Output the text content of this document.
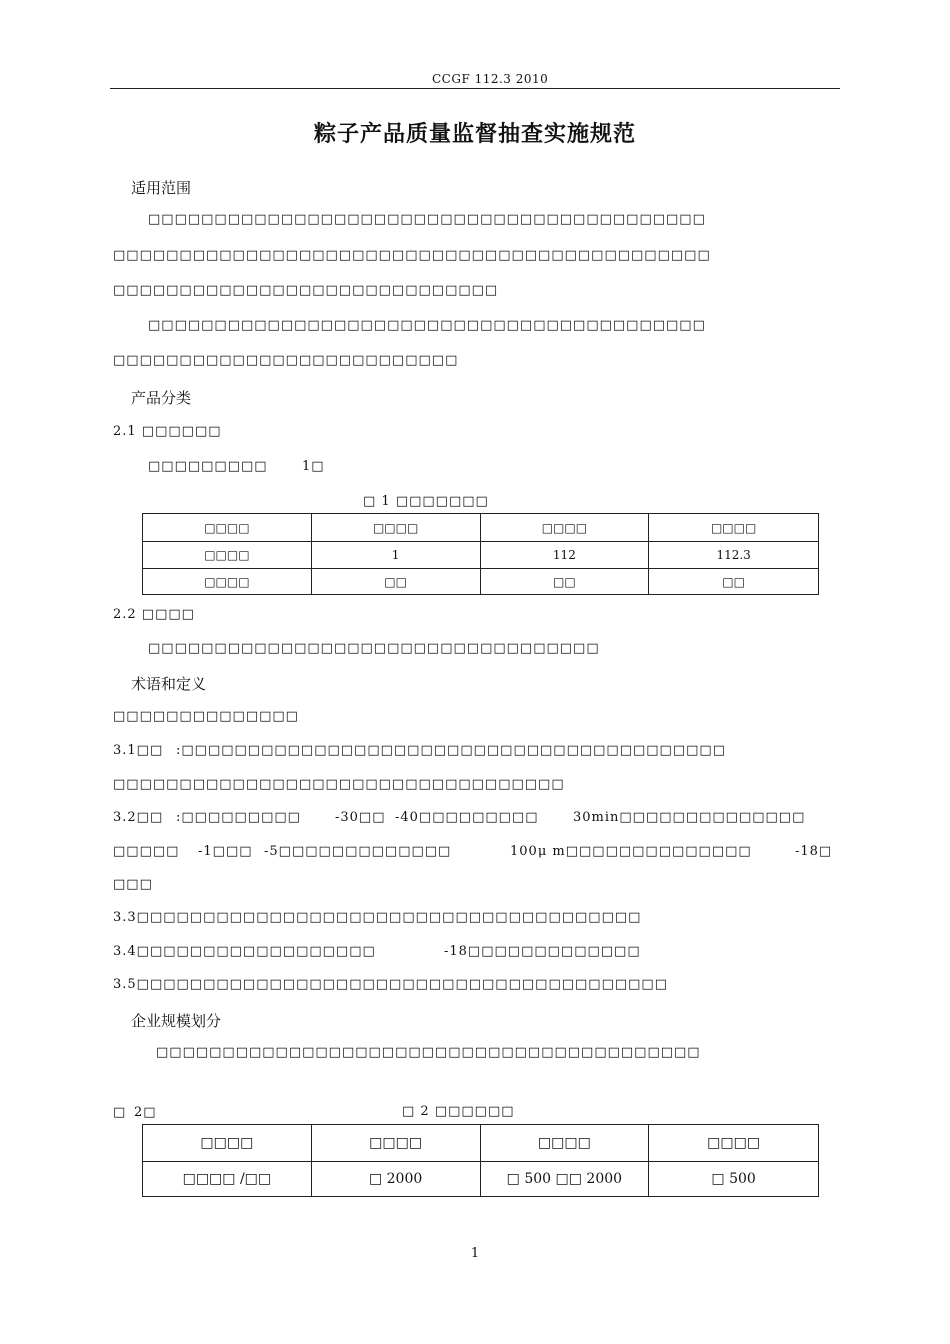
CCGF 112.3 2010
粽子产品质量监督抽查实施规范
适用范围
□□□□□□□□□□□□□□□□□□□□□□□□□□□□□□□□□□□□□□□□□□
□□□□□□□□□□□□□□□□□□□□□□□□□□□□□□□□□□□□□□□□□□□□□
□□□□□□□□□□□□□□□□□□□□□□□□□□□□□
□□□□□□□□□□□□□□□□□□□□□□□□□□□□□□□□□□□□□□□□□□
□□□□□□□□□□□□□□□□□□□□□□□□□□
产品分类
2.1 □□□□□□
□□□□□□□□□	1□
□ 1 □□□□□□□
□□□□	□□□□	□□□□	□□□□
□□□□	1	112	112.3
□□□□	□□	□□	□□
2.2 □□□□
□□□□□□□□□□□□□□□□□□□□□□□□□□□□□□□□□□
术语和定义
□□□□□□□□□□□□□□
3.1□□ :□□□□□□□□□□□□□□□□□□□□□□□□□□□□□□□□□□□□□□□□□
□□□□□□□□□□□□□□□□□□□□□□□□□□□□□□□□□□
3.2□□ :□□□□□□□□□	-30□□ -40□□□□□□□□□	30min□□□□□□□□□□□□□□
□□□□□ -1□□□ -5□□□□□□□□□□□□□	100μ m□□□□□□□□□□□□□□	-18□
□□□
3.3□□□□□□□□□□□□□□□□□□□□□□□□□□□□□□□□□□□□□□
3.4□□□□□□□□□□□□□□□□□□	-18□□□□□□□□□□□□□
3.5□□□□□□□□□□□□□□□□□□□□□□□□□□□□□□□□□□□□□□□□
企业规模划分
□□□□□□□□□□□□□□□□□□□□□□□□□□□□□□□□□□□□□□□□□
□ 2□	□ 2 □□□□□□
□□□□	□□□□	□□□□	□□□□
□□□□ /□□	□ 2000	□ 500 □□ 2000	□ 500
1
